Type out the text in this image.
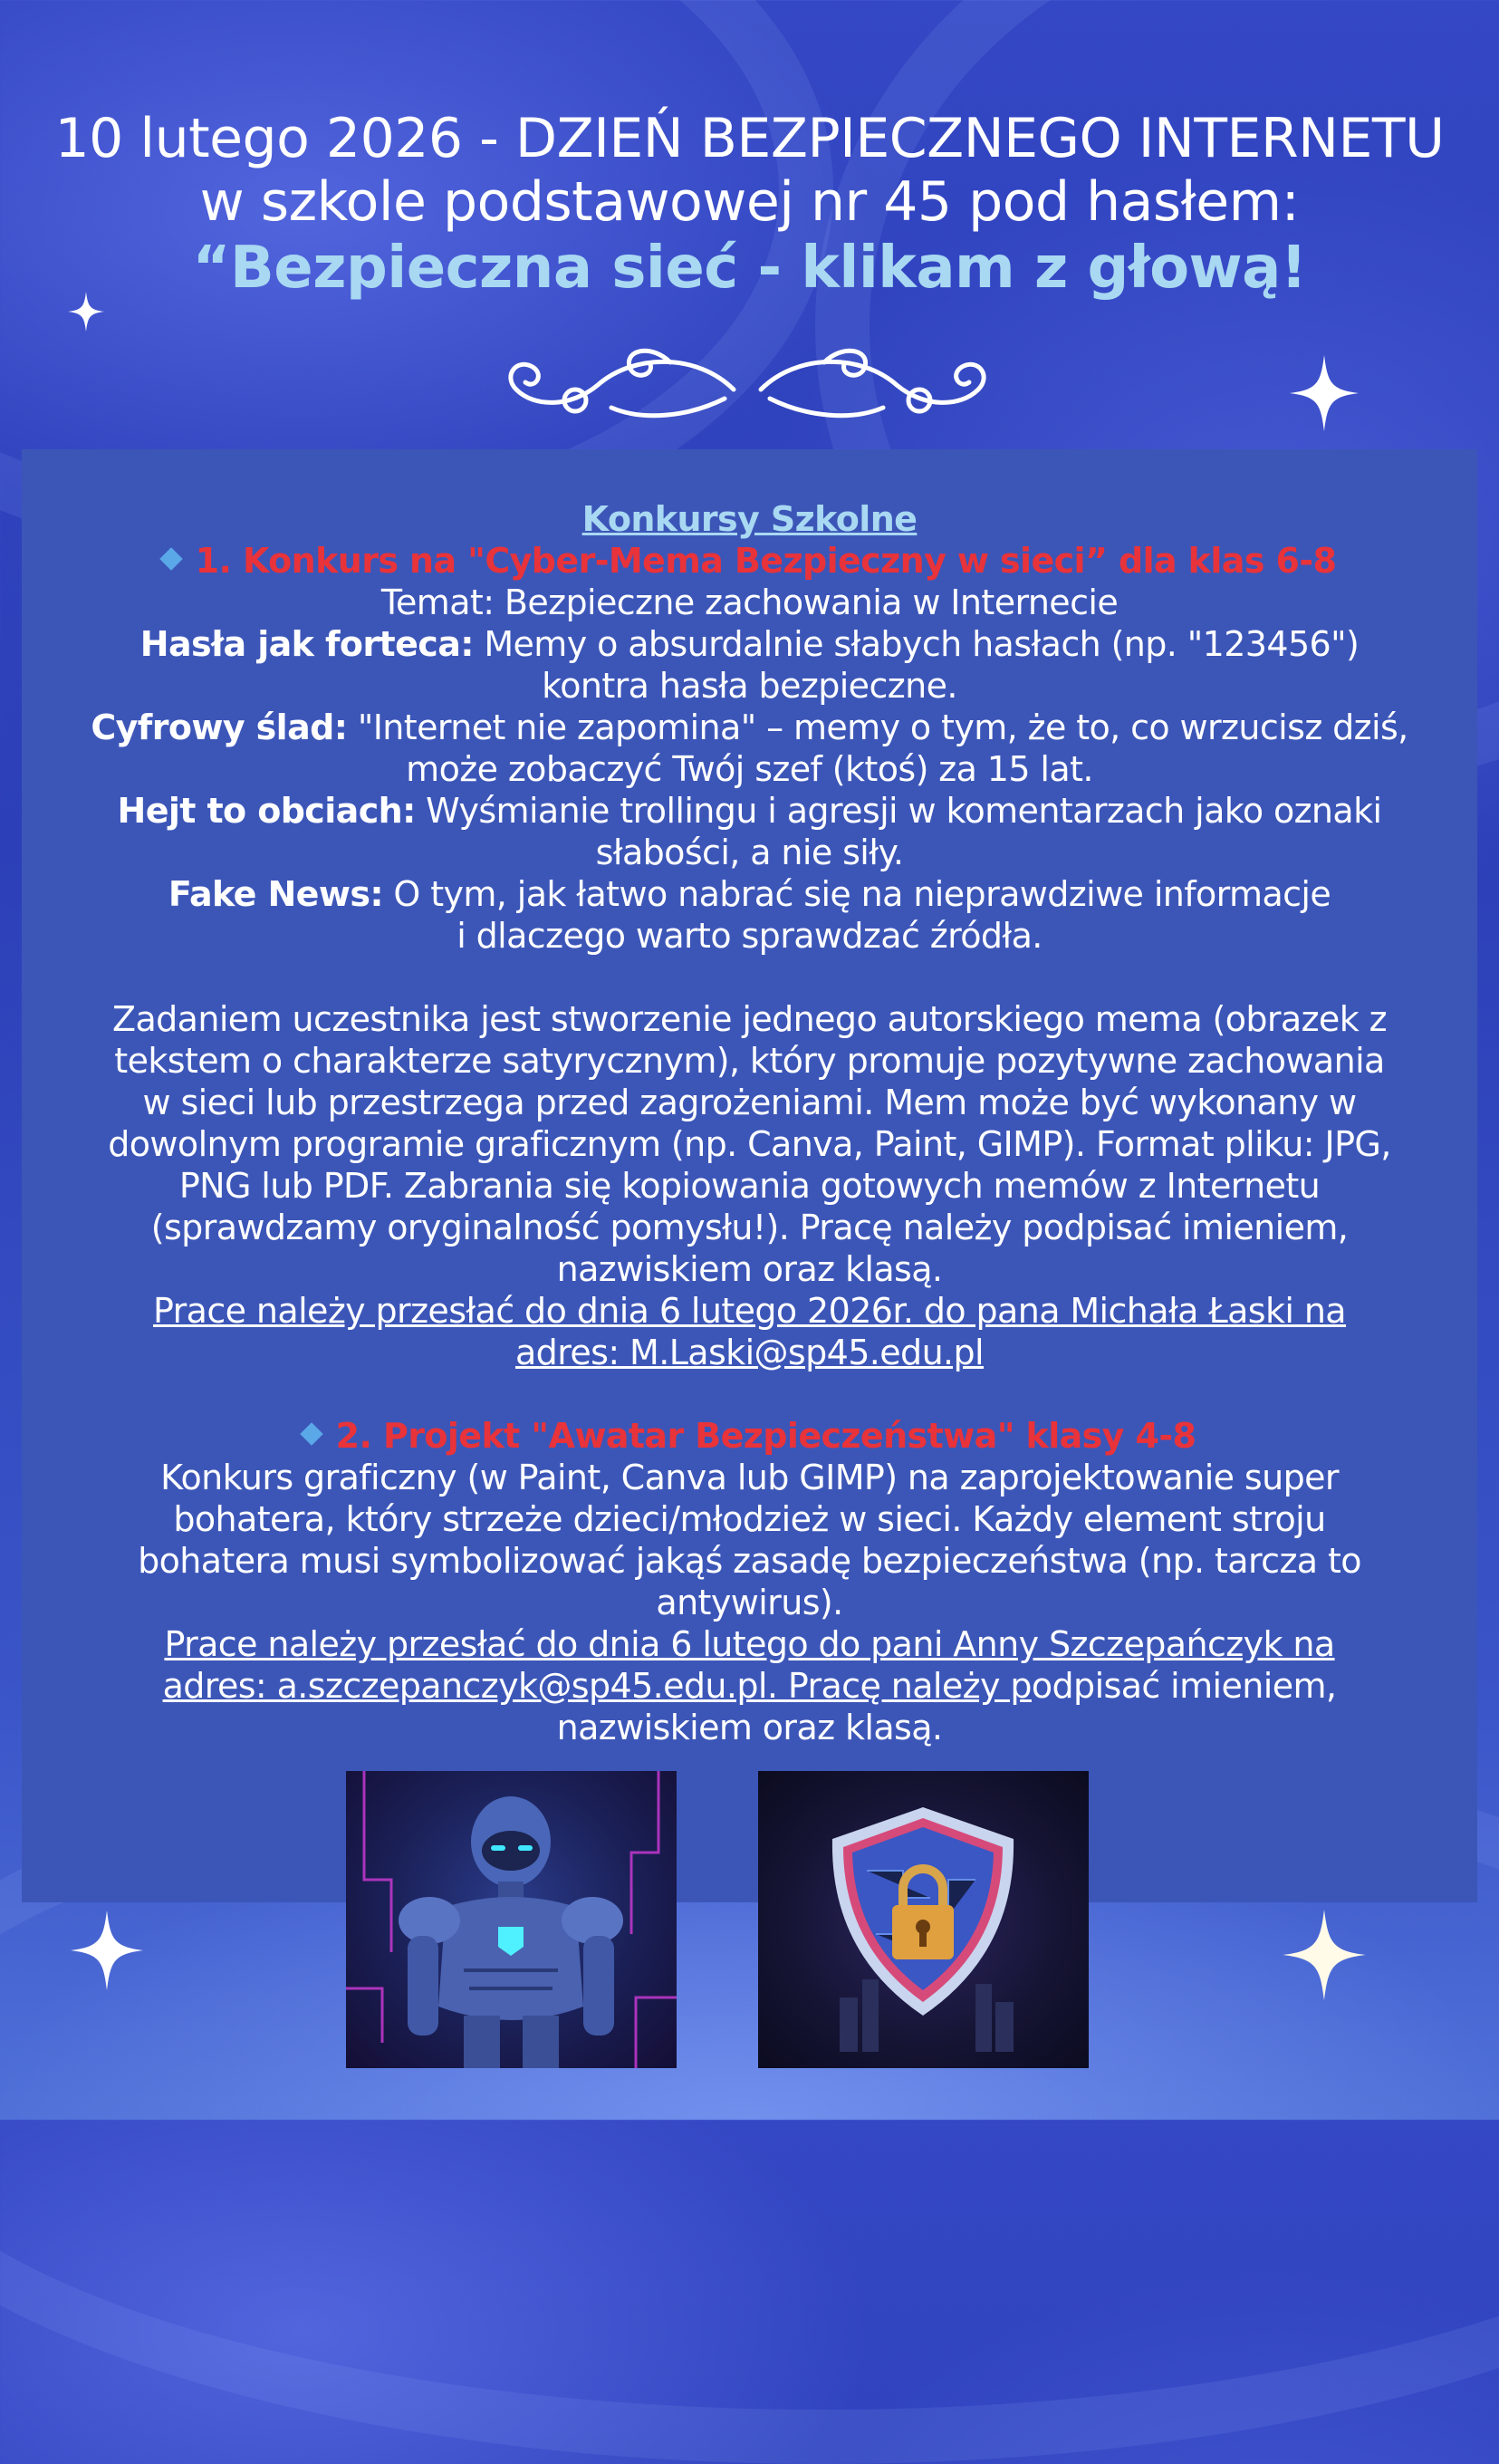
10 lutego 2026 - DZIEŃ BEZPIECZNEGO INTERNETU
w szkole podstawowej nr 45 pod hasłem:
“Bezpieczna sieć - klikam z głową!

Konkursy Szkolne

1. Konkurs na "Cyber-Mema Bezpieczny w sieci” dla klas 6-8

Temat: Bezpieczne zachowania w Internecie

Hasła jak forteca: Memy o absurdalnie słabych hasłach (np. "123456")

kontra hasła bezpieczne.

Cyfrowy ślad: "Internet nie zapomina" – memy o tym, że to, co wrzucisz dziś,

może zobaczyć Twój szef (ktoś) za 15 lat.

Hejt to obciach: Wyśmianie trollingu i agresji w komentarzach jako oznaki

słabości, a nie siły.

Fake News: O tym, jak łatwo nabrać się na nieprawdziwe informacje

i dlaczego warto sprawdzać źródła.

Zadaniem uczestnika jest stworzenie jednego autorskiego mema (obrazek z

tekstem o charakterze satyrycznym), który promuje pozytywne zachowania

w sieci lub przestrzega przed zagrożeniami. Mem może być wykonany w

dowolnym programie graficznym (np. Canva, Paint, GIMP). Format pliku: JPG,

PNG lub PDF. Zabrania się kopiowania gotowych memów z Internetu

(sprawdzamy oryginalność pomysłu!). Pracę należy podpisać imieniem,

nazwiskiem oraz klasą.

Prace należy przesłać do dnia 6 lutego 2026r. do pana Michała Łaski na

adres: M.Laski@sp45.edu.pl

2. Projekt "Awatar Bezpieczeństwa" klasy 4-8

Konkurs graficzny (w Paint, Canva lub GIMP) na zaprojektowanie super

bohatera, który strzeże dzieci/młodzież w sieci. Każdy element stroju

bohatera musi symbolizować jakąś zasadę bezpieczeństwa (np. tarcza to

antywirus).

Prace należy przesłać do dnia 6 lutego do pani Anny Szczepańczyk na

adres: a.szczepanczyk@sp45.edu.pl. Pracę należy podpisać imieniem,

nazwiskiem oraz klasą.
